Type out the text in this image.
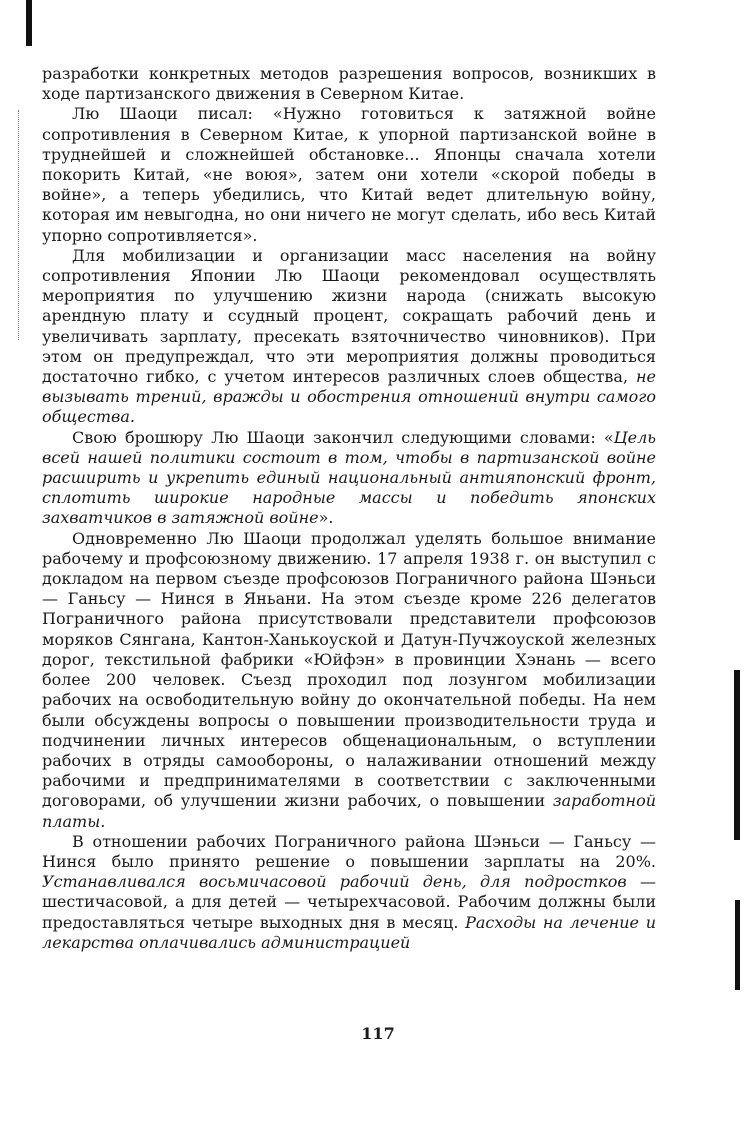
разработки конкретных методов разрешения вопросов, возникших в ходе партизанского движения в Северном Китае.

Лю Шаоци писал: «Нужно готовиться к затяжной войне сопротивления в Северном Китае, к упорной партизанской войне в труднейшей и сложнейшей обстановке... Японцы сначала хотели покорить Китай, «не воюя», затем они хотели «скорой победы в войне», а теперь убедились, что Китай ведет длительную войну, которая им невыгодна, но они ничего не могут сделать, ибо весь Китай упорно сопротивляется».

Для мобилизации и организации масс населения на войну сопротивления Японии Лю Шаоци рекомендовал осуществлять мероприятия по улучшению жизни народа (снижать высокую арендную плату и ссудный процент, сокращать рабочий день и увеличивать зарплату, пресекать взяточничество чиновников). При этом он предупреждал, что эти мероприятия должны проводиться достаточно гибко, с учетом интересов различных слоев общества, не вызывать трений, вражды и обострения отношений внутри самого общества.

Свою брошюру Лю Шаоци закончил следующими словами: «Цель всей нашей политики состоит в том, чтобы в партизанской войне расширить и укрепить единый национальный антияпонский фронт, сплотить широкие народные массы и победить японских захватчиков в затяжной войне».

Одновременно Лю Шаоци продолжал уделять большое внимание рабочему и профсоюзному движению. 17 апреля 1938 г. он выступил с докладом на первом съезде профсоюзов Пограничного района Шэньси — Ганьсу — Нинся в Яньани. На этом съезде кроме 226 делегатов Пограничного района присутствовали представители профсоюзов моряков Сянгана, Кантон-Ханькоуской и Датун-Пучжоуской железных дорог, текстильной фабрики «Юйфэн» в провинции Хэнань — всего более 200 человек. Съезд проходил под лозунгом мобилизации рабочих на освободительную войну до окончательной победы. На нем были обсуждены вопросы о повышении производительности труда и подчинении личных интересов общенациональным, о вступлении рабочих в отряды самообороны, о налаживании отношений между рабочими и предпринимателями в соответствии с заключенными договорами, об улучшении жизни рабочих, о повышении заработной платы.

В отношении рабочих Пограничного района Шэньси — Ганьсу — Нинся было принято решение о повышении зарплаты на 20%. Устанавливался восьмичасовой рабочий день, для подростков — шестичасовой, а для детей — четырехчасовой. Рабочим должны были предоставляться четыре выходных дня в месяц. Расходы на лечение и лекарства оплачивались администрацией

117
